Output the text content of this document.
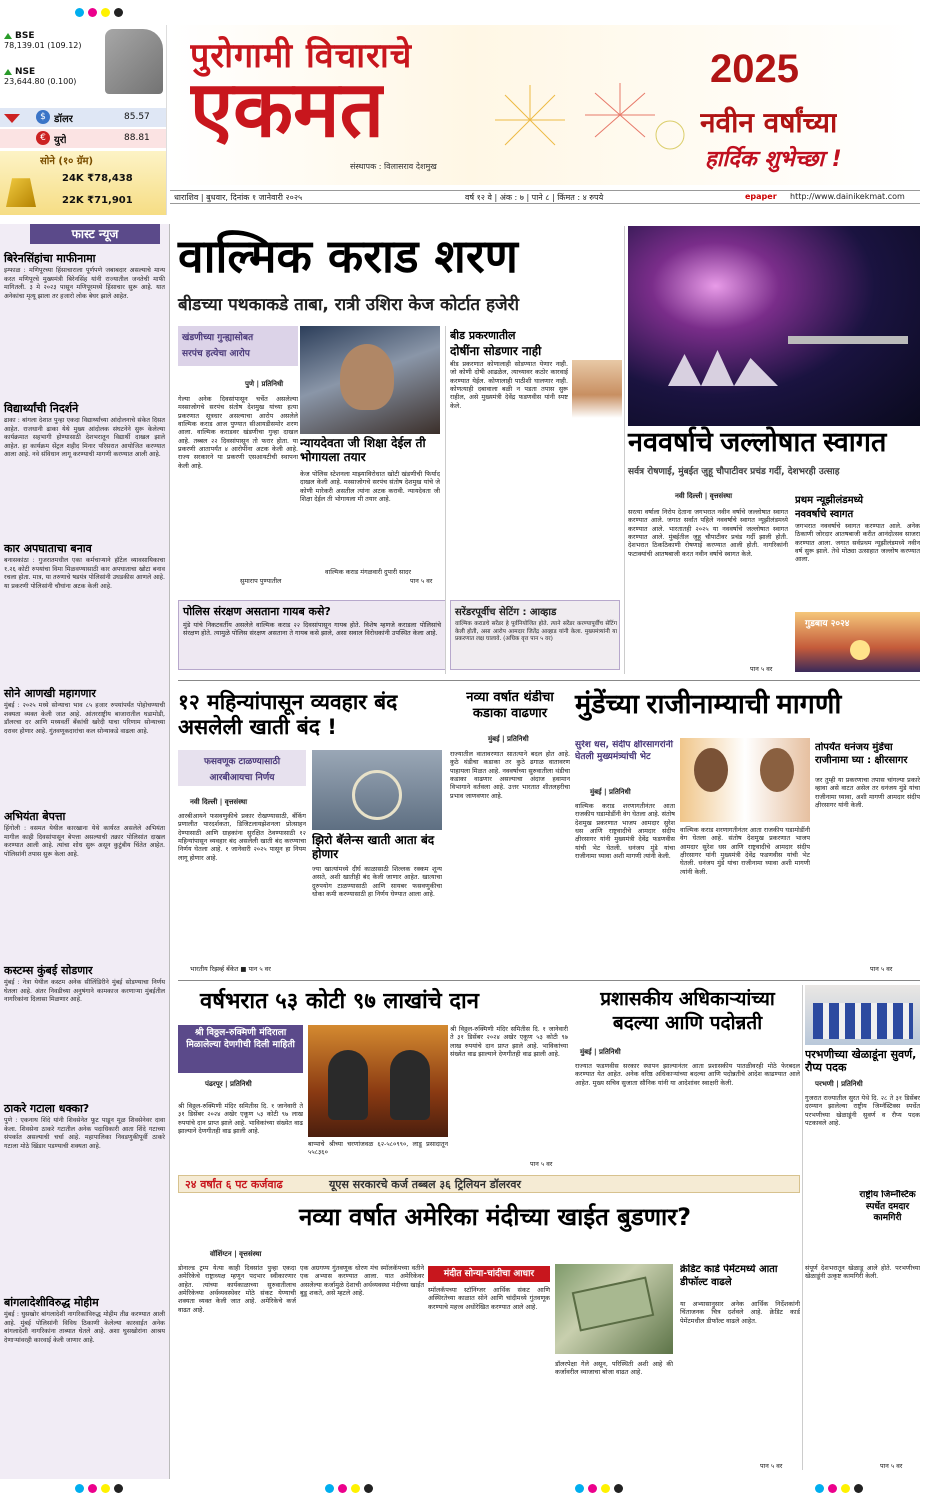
BSE
78,139.01 (109.12)
NSE
23,644.80 (0.100)
$ डॉलर	85.57
€ युरो	88.81
सोने (१० ग्रॅम)
24K ₹78,438
22K ₹71,901
पुरोगामी विचाराचे
एकमत
संस्थापक : विलासराव देशमुख
2025
नवीन वर्षांच्या
हार्दिक शुभेच्छा !
धाराशिव | बुधवार, दिनांक १ जानेवारी २०२५	वर्ष १२ वे | अंक : ७ | पाने ८ | किंमत : ४ रुपये	epaper http://www.dainikekmat.com
बिरेनसिंहांचा माफीनामा
इम्फाळ : मणिपूरच्या हिंसाचाराला पूर्णपणे जबाबदार असल्याचे मान्य करत मणिपूरचे मुख्यमंत्री बिरेनसिंह यांनी राज्यातील जनतेची माफी मागितली. ३ मे २०२३ पासून मणिपूरमध्ये हिंसाचार सुरू आहे. यात अनेकांचा मृत्यू झाला तर हजारो लोक बेघर झाले आहेत.
विद्यार्थ्यांची निदर्शने
ढाका : बांगला देशात पुन्हा एकदा विद्यार्थ्यांच्या आंदोलनाचे संकेत दिसत आहेत. राजधानी ढाका येथे मुख्य आंदोलक संघटनेने सुरू केलेल्या कार्यक्रमात सहभागी होण्यासाठी देशभरातून विद्यार्थी दाखल झाले आहेत. हा कार्यक्रम सेंट्रल शहीद मिनार परिसरात आयोजित करण्यात आला आहे. नवे संविधान लागू करण्याची मागणी करण्यात आली आहे.
कार अपघाताचा बनाव
बनासकांठा : गुजरातमधील एका कर्मचाऱ्याने हॉटेल व्यावसायिकाचा १.२६ कोटी रुपयांचा विमा मिळवण्यासाठी कार अपघाताचा खोटा बनाव रचला होता. मात्र, या तरुणाचे षडयंत्र पोलिसांनी उघडकीस आणले आहे. या प्रकरणी पोलिसांनी चौघांना अटक केली आहे.
सोने आणखी महागणार
मुंबई : २०२५ मध्ये सोन्याचा भाव ८५ हजार रुपयांपर्यंत पोहोचण्याची शक्यता व्यक्त केली जात आहे. आंतरराष्ट्रीय बाजारातील घडामोडी, डॉलरचा दर आणि मध्यवर्ती बँकांची खरेदी याचा परिणाम सोन्याच्या दरावर होणार आहे. गुंतवणूकदारांचा कल सोन्याकडे वाढला आहे.
अभियंता बेपत्ता
हिंगोली : वसमत येथील कारखाना येथे कार्यरत असलेले अभियंता मागील काही दिवसांपासून बेपत्ता असल्याची तक्रार पोलिसांत दाखल करण्यात आली आहे. त्यांचा शोध सुरू असून कुटुंबीय चिंतेत आहेत. पोलिसांनी तपास सुरू केला आहे.
कस्टम्स कुंबई सोडणार
मुंबई : नेत्रा येथील कस्टम अनेक सीलिंडिरीने मुंबई सोडण्याचा निर्णय घेतला आहे. अंतर निवडीच्या अनुषंगाने कामकाज करणाऱ्या मुंबईतील नागरिकांना दिलासा मिळणार आहे.
ठाकरे गटाला धक्का?
पुणे : एकनाथ शिंदे यांनी शिवसेनेत फूट पाडून मूळ शिवसेनेवर दावा केला. शिवसेना ठाकरे गटातील अनेक पदाधिकारी आता शिंदे गटाच्या संपर्कात असल्याची चर्चा आहे. महापालिका निवडणुकीपूर्वी ठाकरे गटाला मोठे खिंडार पडण्याची शक्यता आहे.
बांगलादेशीविरुद्ध मोहीम
मुंबई : घुसखोर बांगलादेशी नागरिकांविरुद्ध मोहीम तीव्र करण्यात आली आहे. मुंबई पोलिसांनी विविध ठिकाणी केलेल्या कारवाईत अनेक बांगलादेशी नागरिकांना ताब्यात घेतले आहे. अशा घुसखोरांना आश्रय देणाऱ्यांवरही कारवाई केली जाणार आहे.
फास्ट न्यूज	वाल्मिक कराड शरण
बीडच्या पथकाकडे ताबा, रात्री उशिरा केज कोर्टात हजेरी
खंडणीच्या गुन्ह्यासोबत
सरपंच हत्येचा आरोप
पुणे | प्रतिनिधी
गेल्या अनेक दिवसांपासून चर्चेत असलेल्या मस्साजोगचे सरपंच संतोष देशमुख यांच्या हत्या प्रकरणात सूत्रधार असल्याचा आरोप असलेले वाल्मिक कराड आज पुण्यात सीआयडीसमोर शरण आला. वाल्मिक कराडवर खंडणीचा गुन्हा दाखल आहे. तब्बल २२ दिवसांपासून तो फरार होता. या प्रकरणी आतापर्यंत ४ आरोपींना अटक केली आहे. राज्य सरकारने या प्रकरणी एसआयटीची स्थापना केली आहे.
न्यायदेवता जी शिक्षा देईल ती भोगायला तयार
केज पोलिस स्टेशनला माझ्याविरोधात खोटी खंडणीची फिर्याद दाखल केली आहे. मस्साजोगचे सरपंच संतोष देशमुख यांचे जे कोणी मारेकरी असतील त्यांना अटक करावी. न्यायदेवता जी शिक्षा देईल ती भोगायला मी तयार आहे.
वाल्मिक कराड मंगळवारी दुपारी सादर
सुमाराप पुण्यातील	पान ५ वर
बीड प्रकरणातील
दोषींना सोडणार नाही
बीड प्रकरणात कोणालाही सोडण्यात येणार नाही. जो कोणी दोषी आढळेल, त्याच्यावर कठोर कारवाई करण्यात येईल. कोणालाही पाठीशी घालणार नाही. कोणत्याही दबावाला बळी न पडता तपास सुरू राहील, असे मुख्यमंत्री देवेंद्र फडणवीस यांनी स्पष्ट केले.
पोलिस संरक्षण असताना गायब कसे?
मुंडे यांचे निकटवर्तीय असलेले वाल्मिक कराड २२ दिवसांपासून गायब होते. विशेष म्हणजे कराडला पोलिसांचे संरक्षण होते. त्यामुळे पोलिस संरक्षण असताना ते गायब कसे झाले, असा सवाल विरोधकांनी उपस्थित केला आहे.
सरेंडरपूर्वीच सेटिंग : आव्हाड
वाल्मिक कराडचे सरेंडर हे पूर्वनियोजित होते. त्याने सरेंडर करण्यापूर्वीच सेटिंग केली होती, असा आरोप आमदार जितेंद्र आव्हाड यांनी केला. मुख्यमंत्र्यांनी या प्रकरणात लक्ष घालावे. (अधिक वृत्त पान ५ वर)
नववर्षाचे जल्लोषात स्वागत
सर्वत्र रोषणाई, मुंबईत जुहू चौपाटीवर प्रचंड गर्दी, देशभरही उत्साह
नवी दिल्ली | वृत्तसंस्था
सरत्या वर्षाला निरोप देताना जगभरात नवीन वर्षाचे जल्लोषात स्वागत करण्यात आले. जगात सर्वात पहिले नववर्षाचे स्वागत न्यूझीलंडमध्ये करण्यात आले. भारतातही २०२५ या नववर्षाचे जल्लोषात स्वागत करण्यात आले. मुंबईतील जुहू चौपाटीवर प्रचंड गर्दी झाली होती. देशभरात ठिकठिकाणी रोषणाई करण्यात आली होती. नागरिकांनी फटाक्यांची आतषबाजी करत नवीन वर्षाचे स्वागत केले.
प्रथम न्यूझीलंडमध्ये
नववर्षाचे स्वागत
जगभरात नववर्षाचे स्वागत करण्यात आले. अनेक ठिकाणी जोरदार आतषबाजी करीत आनंदोत्सव साजरा करण्यात आला. जगात सर्वप्रथम न्यूझीलंडमध्ये नवीन वर्ष सुरू झाले. तेथे मोठ्या उत्साहात जल्लोष करण्यात आला.
गुडबाय २०२४
पान ५ वर
१२ महिन्यांपासून व्यवहार बंद असलेली खाती बंद !
फसवणूक टाळण्यासाठी
आरबीआयचा निर्णय
नवी दिल्ली | वृत्तसंस्था
आरबीआयने फसवणुकीचे प्रकार रोखण्यासाठी, बँकिंग प्रणालीत पारदर्शकता, डिजिटलायझेशनला प्रोत्साहन देण्यासाठी आणि ग्राहकांना सुरक्षित ठेवण्यासाठी १२ महिन्यांपासून व्यवहार बंद असलेली खाती बंद करण्याचा निर्णय घेतला आहे. १ जानेवारी २०२५ पासून हा नियम लागू होणार आहे.
झिरो बॅलेन्स खाती आता बंद होणार
ज्या खात्यांमध्ये दीर्घ काळासाठी शिल्लक रक्कम शून्य असते, अशी खातीही बंद केली जाणार आहेत. खात्याचा दुरुपयोग टाळण्यासाठी आणि सायबर फसवणुकीचा धोका कमी करण्यासाठी हा निर्णय घेण्यात आला आहे.
भारतीय रिझर्व्ह बँकेत ■ पान ५ वर
नव्या वर्षात थंडीचा कडाका वाढणार
मुंबई | प्रतिनिधी
राज्यातील वातावरणात सातत्याने बदल होत आहे. कुठे थंडीचा कडाका तर कुठे ढगाळ वातावरण पाहायला मिळत आहे. नववर्षाच्या सुरुवातीला थंडीचा कडाका वाढणार असल्याचा अंदाज हवामान विभागाने वर्तवला आहे. उत्तर भारतात शीतलहरीचा प्रभाव जाणवणार आहे.
मुंडेंच्या राजीनाम्याची मागणी
सुरेश धस, संदीप क्षीरसागरांनी घेतली मुख्यमंत्र्यांची भेट
मुंबई | प्रतिनिधी
वाल्मिक कराड शरणागतीनंतर आता राजकीय घडामोडींनी वेग घेतला आहे. संतोष देशमुख प्रकरणात भाजप आमदार सुरेश धस आणि राष्ट्रवादीचे आमदार संदीप क्षीरसागर यांनी मुख्यमंत्री देवेंद्र फडणवीस यांची भेट घेतली. धनंजय मुंडे यांचा राजीनामा घ्यावा अशी मागणी त्यांनी केली.
वाल्मिक कराड शरणागतीनंतर आता राजकीय घडामोडींनी वेग घेतला आहे. संतोष देशमुख प्रकरणात भाजप आमदार सुरेश धस आणि राष्ट्रवादीचे आमदार संदीप क्षीरसागर यांनी मुख्यमंत्री देवेंद्र फडणवीस यांची भेट घेतली. धनंजय मुंडे यांचा राजीनामा घ्यावा अशी मागणी त्यांनी केली.
तोपर्यंत धनंजय मुंडेंचा राजीनामा घ्या : क्षीरसागर
जर तुम्ही या प्रकरणाचा तपास चांगल्या प्रकारे व्हावा असे वाटत असेल तर धनंजय मुंडे यांचा राजीनामा घ्यावा, अशी मागणी आमदार संदीप क्षीरसागर यांनी केली.
पान ५ वर
वर्षभरात ५३ कोटी ९७ लाखांचे दान
श्री विठ्ठल-रुक्मिणी मंदिराला मिळालेल्या देणगीची दिली माहिती
पंढरपूर | प्रतिनिधी
श्री विठ्ठल-रुक्मिणी मंदिर समितीस दि. १ जानेवारी ते ३१ डिसेंबर २०२४ अखेर एकूण ५३ कोटी ९७ लाख रुपयांचे दान प्राप्त झाले आहे. भाविकांच्या संख्येत वाढ झाल्याने देणगीतही वाढ झाली आहे.
बाप्पाचे श्रीच्या चरणांजवळ ६२-५८०९९०, लाडू प्रसादातून ५५८३६०
श्री विठ्ठल-रुक्मिणी मंदिर समितीस दि. १ जानेवारी ते ३१ डिसेंबर २०२४ अखेर एकूण ५३ कोटी ९७ लाख रुपयांचे दान प्राप्त झाले आहे. भाविकांच्या संख्येत वाढ झाल्याने देणगीतही वाढ झाली आहे.
पान ५ वर
प्रशासकीय अधिकाऱ्यांच्या बदल्या आणि पदोन्नती
मुंबई | प्रतिनिधी
राज्यात फडणवीस सरकार स्थापन झाल्यानंतर आता प्रशासकीय पातळीवरही मोठे फेरबदल करण्यात येत आहेत. अनेक वरिष्ठ अधिकाऱ्यांच्या बदल्या आणि पदोन्नतीचे आदेश काढण्यात आले आहेत. मुख्य सचिव सुजाता सौनिक यांनी या आदेशांवर स्वाक्षरी केली.
परभणीच्या खेळाडूंना सुवर्ण, रौप्य पदक
परभणी | प्रतिनिधी
गुजरात राज्यातील सुरत येथे दि. २८ ते ३१ डिसेंबर दरम्यान झालेल्या राष्ट्रीय जिम्नॅस्टिक्स स्पर्धेत परभणीच्या खेळाडूंनी सुवर्ण व रौप्य पदक पटकावले आहे.
राष्ट्रीय जिम्नॅस्टिक स्पर्धेत दमदार कामगिरी
संपूर्ण देशभरातून खेळाडू आले होते. परभणीच्या खेळाडूंनी उत्कृष्ट कामगिरी केली.
पान ५ वर
२४ वर्षांत ६ पट कर्जवाढ	यूएस सरकारचे कर्ज तब्बल ३६ ट्रिलियन डॉलरवर
नव्या वर्षात अमेरिका मंदीच्या खाईत बुडणार?
वॉशिंग्टन | वृत्तसंस्था
डोनाल्ड ट्रम्प येत्या काही दिवसांत पुन्हा एकदा अमेरिकेचे राष्ट्राध्यक्ष म्हणून पदभार स्वीकारणार आहेत. त्यांच्या कार्यकाळाच्या सुरुवातीलाच अमेरिकेच्या अर्थव्यवस्थेवर मोठे संकट येण्याची शक्यता व्यक्त केली जात आहे. अमेरिकेचे कर्ज वाढत आहे.
एक अग्रगण्य गुंतवणूक धोरण मंच स्मॉलकॅपच्या वतीने एक अभ्यास करण्यात आला. यात अमेरिकेवर असलेल्या कर्जामुळे देशाची अर्थव्यवस्था मंदीच्या खाईत बुडू शकते, असे म्हटले आहे.
मंदीत सोन्या-चांदीचा आधार
स्मॉलकॅपच्या स्टॉनिंग्जर आर्थिक संकट आणि अस्थिरतेच्या काळात सोने आणि चांदीमध्ये गुंतवणूक करण्याचे महत्त्व अधोरेखित करण्यात आले आहे.
डॉलरपेक्षा गेले असून, परिस्थिती अशी आहे की कर्जावरील व्याजाचा बोजा वाढत आहे.
क्रेडिट कार्ड पेमेंटमध्ये आता डीफॉल्ट वाढले
या अभ्यासानुसार अनेक आर्थिक निर्देशकांनी चिंताजनक चित्र दर्शवले आहे. क्रेडिट कार्ड पेमेंटमधील डीफॉल्ट वाढले आहेत.
पान ५ वर
